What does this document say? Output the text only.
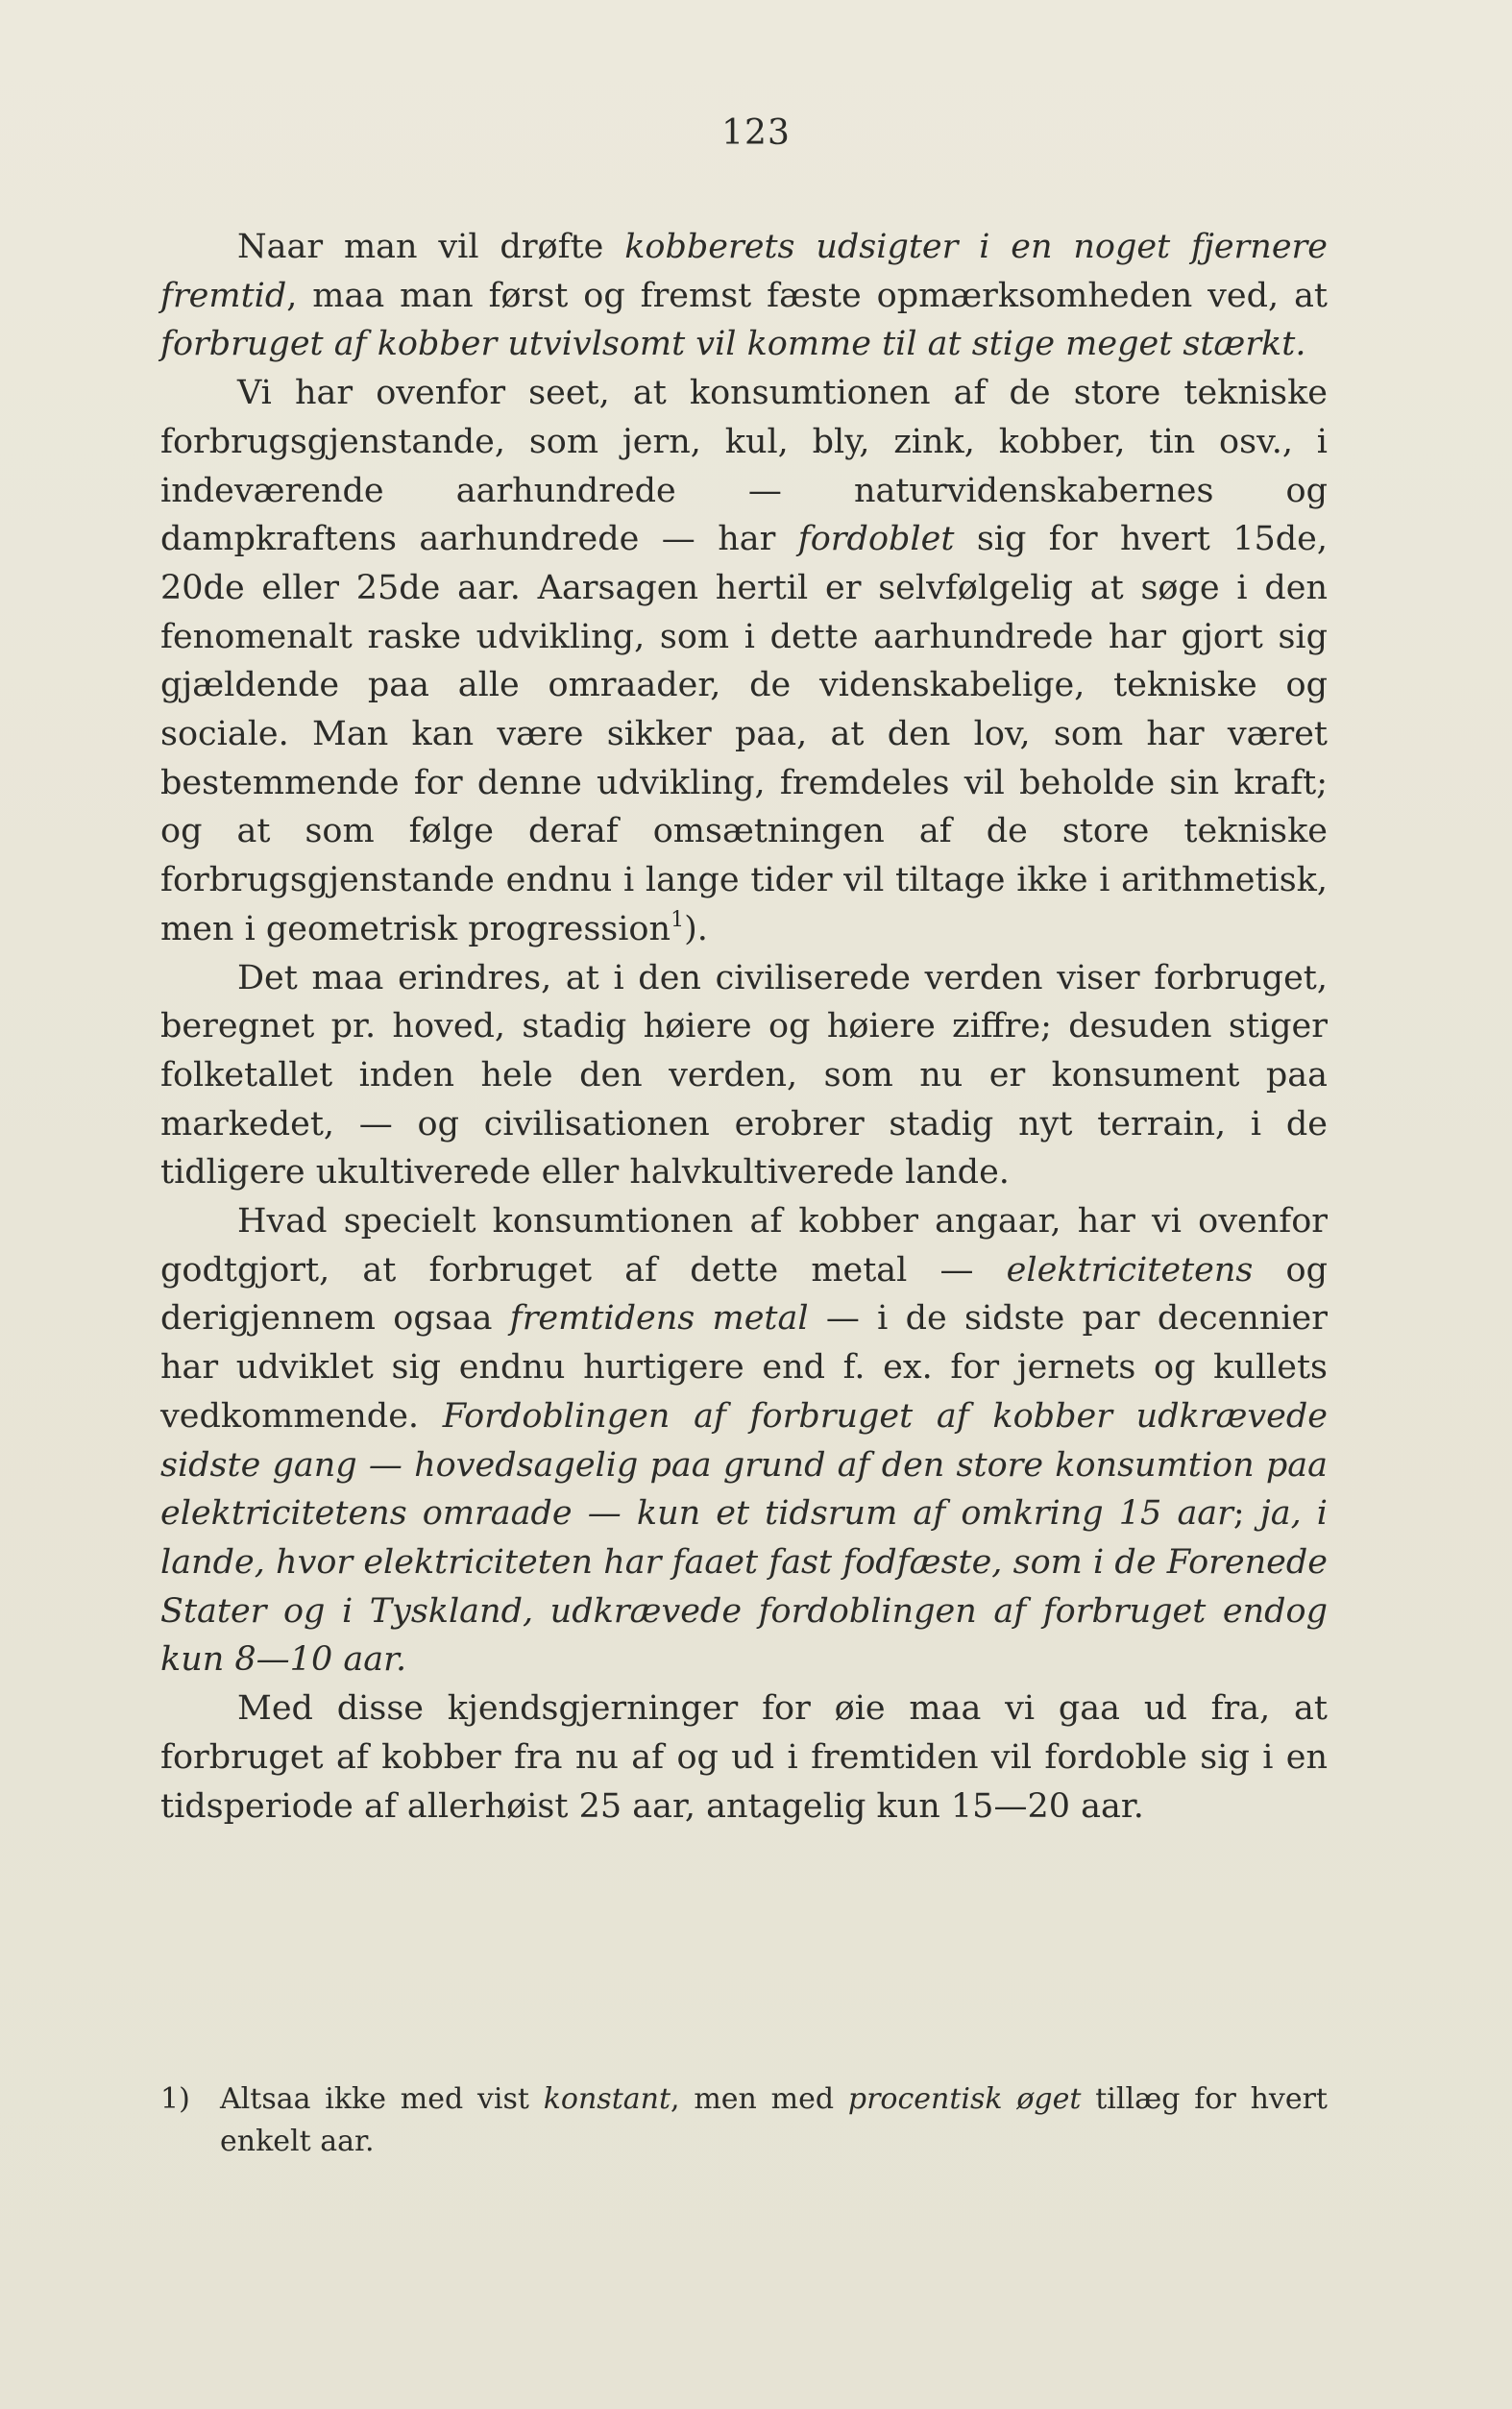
123

Naar man vil drøfte kobberets udsigter i en noget fjernere fremtid, maa man først og fremst fæste opmærksomheden ved, at forbruget af kobber utvivlsomt vil komme til at stige meget stærkt.

Vi har ovenfor seet, at konsumtionen af de store tekniske forbrugsgjenstande, som jern, kul, bly, zink, kobber, tin osv., i indeværende aarhundrede — naturvidenskabernes og dampkraftens aarhundrede — har fordoblet sig for hvert 15de, 20de eller 25de aar. Aarsagen hertil er selvfølgelig at søge i den fenomenalt raske udvikling, som i dette aarhundrede har gjort sig gjældende paa alle omraader, de videnskabelige, tekniske og sociale. Man kan være sikker paa, at den lov, som har været bestemmende for denne udvikling, fremdeles vil beholde sin kraft; og at som følge deraf omsætningen af de store tekniske forbrugsgjenstande endnu i lange tider vil tiltage ikke i arithmetisk, men i geometrisk progression$^1$).

Det maa erindres, at i den civiliserede verden viser forbruget, beregnet pr. hoved, stadig høiere og høiere ziffre; desuden stiger folketallet inden hele den verden, som nu er konsument paa markedet, — og civilisationen erobrer stadig nyt terrain, i de tidligere ukultiverede eller halvkultiverede lande.

Hvad specielt konsumtionen af kobber angaar, har vi ovenfor godtgjort, at forbruget af dette metal — elektricitetens og derigjennem ogsaa fremtidens metal — i de sidste par decennier har udviklet sig endnu hurtigere end f. ex. for jernets og kullets vedkommende. Fordoblingen af forbruget af kobber udkrævede sidste gang — hovedsagelig paa grund af den store konsumtion paa elektricitetens omraade — kun et tidsrum af omkring 15 aar; ja, i lande, hvor elektriciteten har faaet fast fodfæste, som i de Forenede Stater og i Tyskland, udkrævede fordoblingen af forbruget endog kun 8—10 aar.

Med disse kjendsgjerninger for øie maa vi gaa ud fra, at forbruget af kobber fra nu af og ud i fremtiden vil fordoble sig i en tidsperiode af allerhøist 25 aar, antagelig kun 15—20 aar.

1) Altsaa ikke med vist konstant, men med procentisk øget tillæg for hvert enkelt aar.
